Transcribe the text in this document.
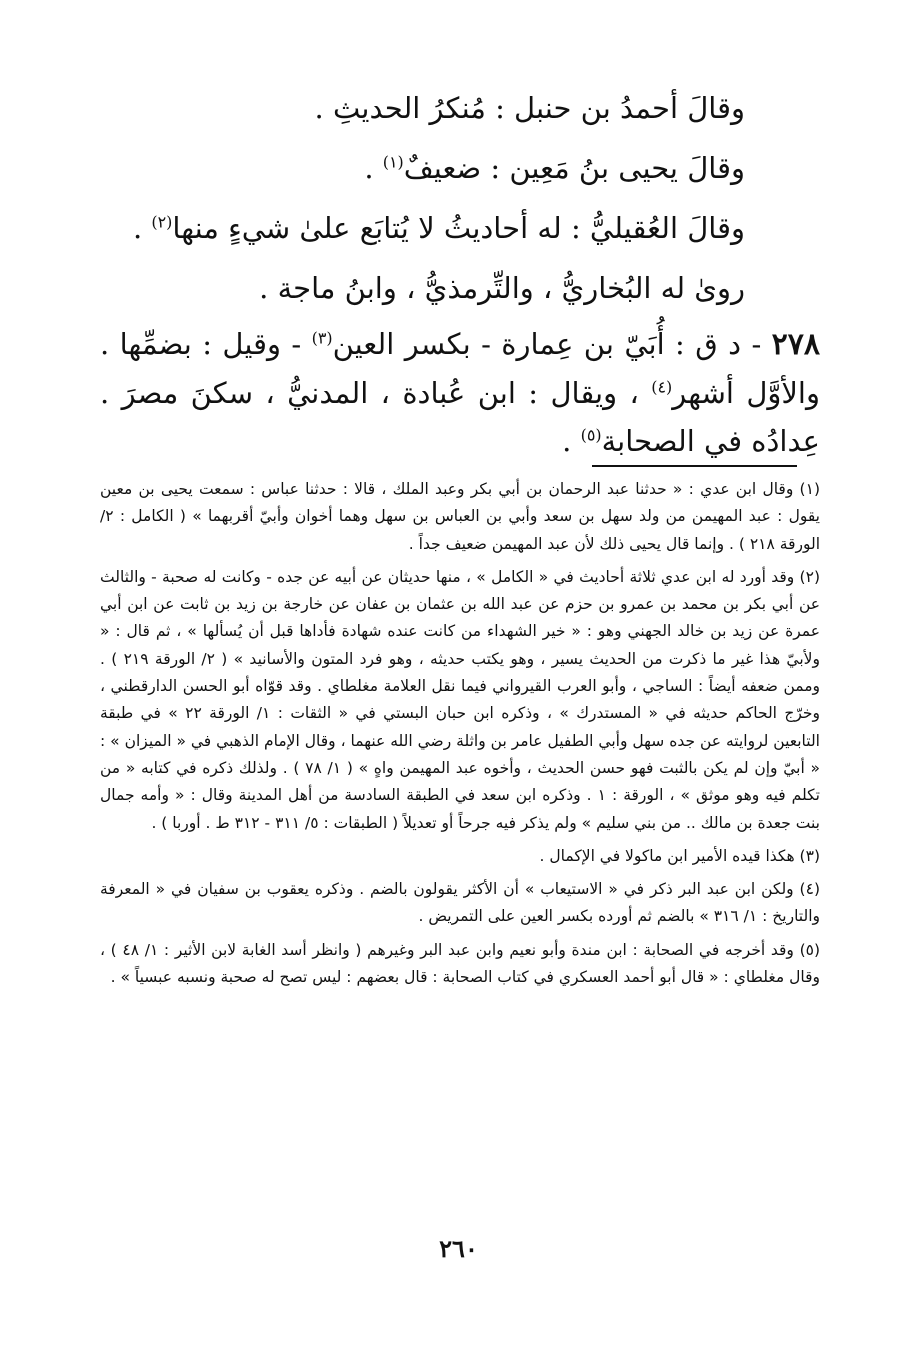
وقالَ أحمدُ بن حنبل : مُنكرُ الحديثِ .

وقالَ يحيى بنُ مَعِين : ضعيفٌ$^{(١)}$ .

وقالَ العُقيليُّ : له أحاديثُ لا يُتابَع علىٰ شيءٍ منها$^{(٢)}$ .

رویٰ له البُخاريُّ ، والتِّرمذيُّ ، وابنُ ماجة .

٢٧٨ - د ق : أُبَيّ بن عِمارة - بكسر العين$^{(٣)}$ - وقيل : بضمِّها . والأوَّل أشهر$^{(٤)}$ ، ويقال : ابن عُبادة ، المدنيُّ ، سكنَ مصرَ . عِدادُه في الصحابة$^{(٥)}$ .

(١) وقال ابن عدي : « حدثنا عبد الرحمان بن أبي بكر وعبد الملك ، قالا : حدثنا عباس : سمعت يحيى بن معين يقول : عبد المهيمن من ولد سهل بن سعد وأبي بن العباس بن سهل وهما أخوان وأبيّ أقربهما » ( الكامل : ٢/ الورقة ٢١٨ ) . وإنما قال يحيى ذلك لأن عبد المهيمن ضعيف جداً .

(٢) وقد أورد له ابن عدي ثلاثة أحاديث في « الكامل » ، منها حديثان عن أبيه عن جده - وكانت له صحبة - والثالث عن أبي بكر بن محمد بن عمرو بن حزم عن عبد الله بن عثمان بن عفان عن خارجة بن زيد بن ثابت عن ابن أبي عمرة عن زيد بن خالد الجهني وهو : « خير الشهداء من كانت عنده شهادة فأداها قبل أن يُسألها » ، ثم قال : « ولأبيّ هذا غير ما ذكرت من الحديث يسير ، وهو يكتب حديثه ، وهو فرد المتون والأسانيد » ( ٢/ الورقة ٢١٩ ) . وممن ضعفه أيضاً : الساجي ، وأبو العرب القيرواني فيما نقل العلامة مغلطاي . وقد قوّاه أبو الحسن الدارقطني ، وخرّج الحاكم حديثه في « المستدرك » ، وذكره ابن حبان البستي في « الثقات : ١/ الورقة ٢٢ » في طبقة التابعين لروايته عن جده سهل وأبي الطفيل عامر بن واثلة رضي الله عنهما ، وقال الإمام الذهبي في « الميزان » : « أبيّ وإن لم يكن بالثبت فهو حسن الحديث ، وأخوه عبد المهيمن واهٍ » ( ١/ ٧٨ ) . ولذلك ذكره في كتابه « من تكلم فيه وهو موثق » ، الورقة : ١ . وذكره ابن سعد في الطبقة السادسة من أهل المدينة وقال : « وأمه جمال بنت جعدة بن مالك .. من بني سليم » ولم يذكر فيه جرحاً أو تعديلاً ( الطبقات : ٥/ ٣١١ - ٣١٢ ط . أوربا ) .

(٣) هكذا قيده الأمير ابن ماكولا في الإكمال .

(٤) ولكن ابن عبد البر ذكر في « الاستيعاب » أن الأكثر يقولون بالضم . وذكره يعقوب بن سفيان في « المعرفة والتاريخ : ١/ ٣١٦ » بالضم ثم أورده بكسر العين على التمريض .

(٥) وقد أخرجه في الصحابة : ابن مندة وأبو نعيم وابن عبد البر وغيرهم ( وانظر أسد الغابة لابن الأثير : ١/ ٤٨ ) ، وقال مغلطاي : « قال أبو أحمد العسكري في كتاب الصحابة : قال بعضهم : ليس تصح له صحبة ونسبه عبسياً » .

٢٦٠
